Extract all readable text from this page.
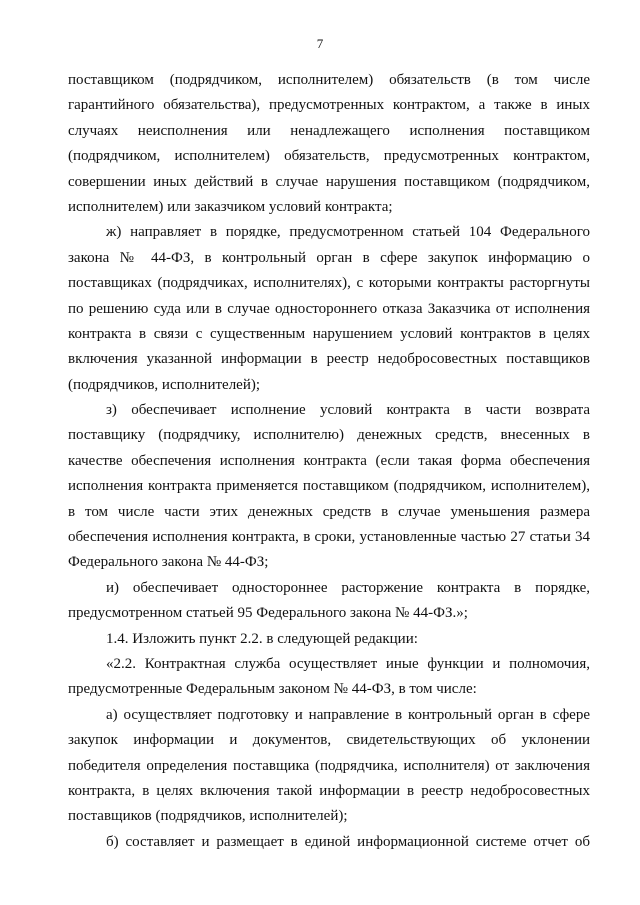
7
поставщиком (подрядчиком, исполнителем) обязательств (в том числе
гарантийного обязательства), предусмотренных контрактом, а также в иных
случаях неисполнения или ненадлежащего исполнения поставщиком
(подрядчиком, исполнителем) обязательств, предусмотренных контрактом,
совершении иных действий в случае нарушения поставщиком (подрядчиком,
исполнителем) или заказчиком условий контракта;
ж) направляет в порядке, предусмотренном статьей 104 Федерального
закона № 44-ФЗ, в контрольный орган в сфере закупок информацию о
поставщиках (подрядчиках, исполнителях), с которыми контракты расторгнуты
по решению суда или в случае одностороннего отказа Заказчика от исполнения
контракта в связи с существенным нарушением условий контрактов в целях
включения указанной информации в реестр недобросовестных поставщиков
(подрядчиков, исполнителей);
з) обеспечивает исполнение условий контракта в части возврата
поставщику (подрядчику, исполнителю) денежных средств, внесенных в
качестве обеспечения исполнения контракта (если такая форма обеспечения
исполнения контракта применяется поставщиком (подрядчиком, исполнителем),
в том числе части этих денежных средств в случае уменьшения размера
обеспечения исполнения контракта, в сроки, установленные частью 27 статьи 34
Федерального закона № 44-ФЗ;
и) обеспечивает одностороннее расторжение контракта в порядке,
предусмотренном статьей 95 Федерального закона № 44-ФЗ.»;
1.4. Изложить пункт 2.2. в следующей редакции:
«2.2. Контрактная служба осуществляет иные функции и полномочия,
предусмотренные Федеральным законом № 44-ФЗ, в том числе:
а) осуществляет подготовку и направление в контрольный орган в сфере
закупок информации и документов, свидетельствующих об уклонении
победителя определения поставщика (подрядчика, исполнителя) от заключения
контракта, в целях включения такой информации в реестр недобросовестных
поставщиков (подрядчиков, исполнителей);
б) составляет и размещает в единой информационной системе отчет об
